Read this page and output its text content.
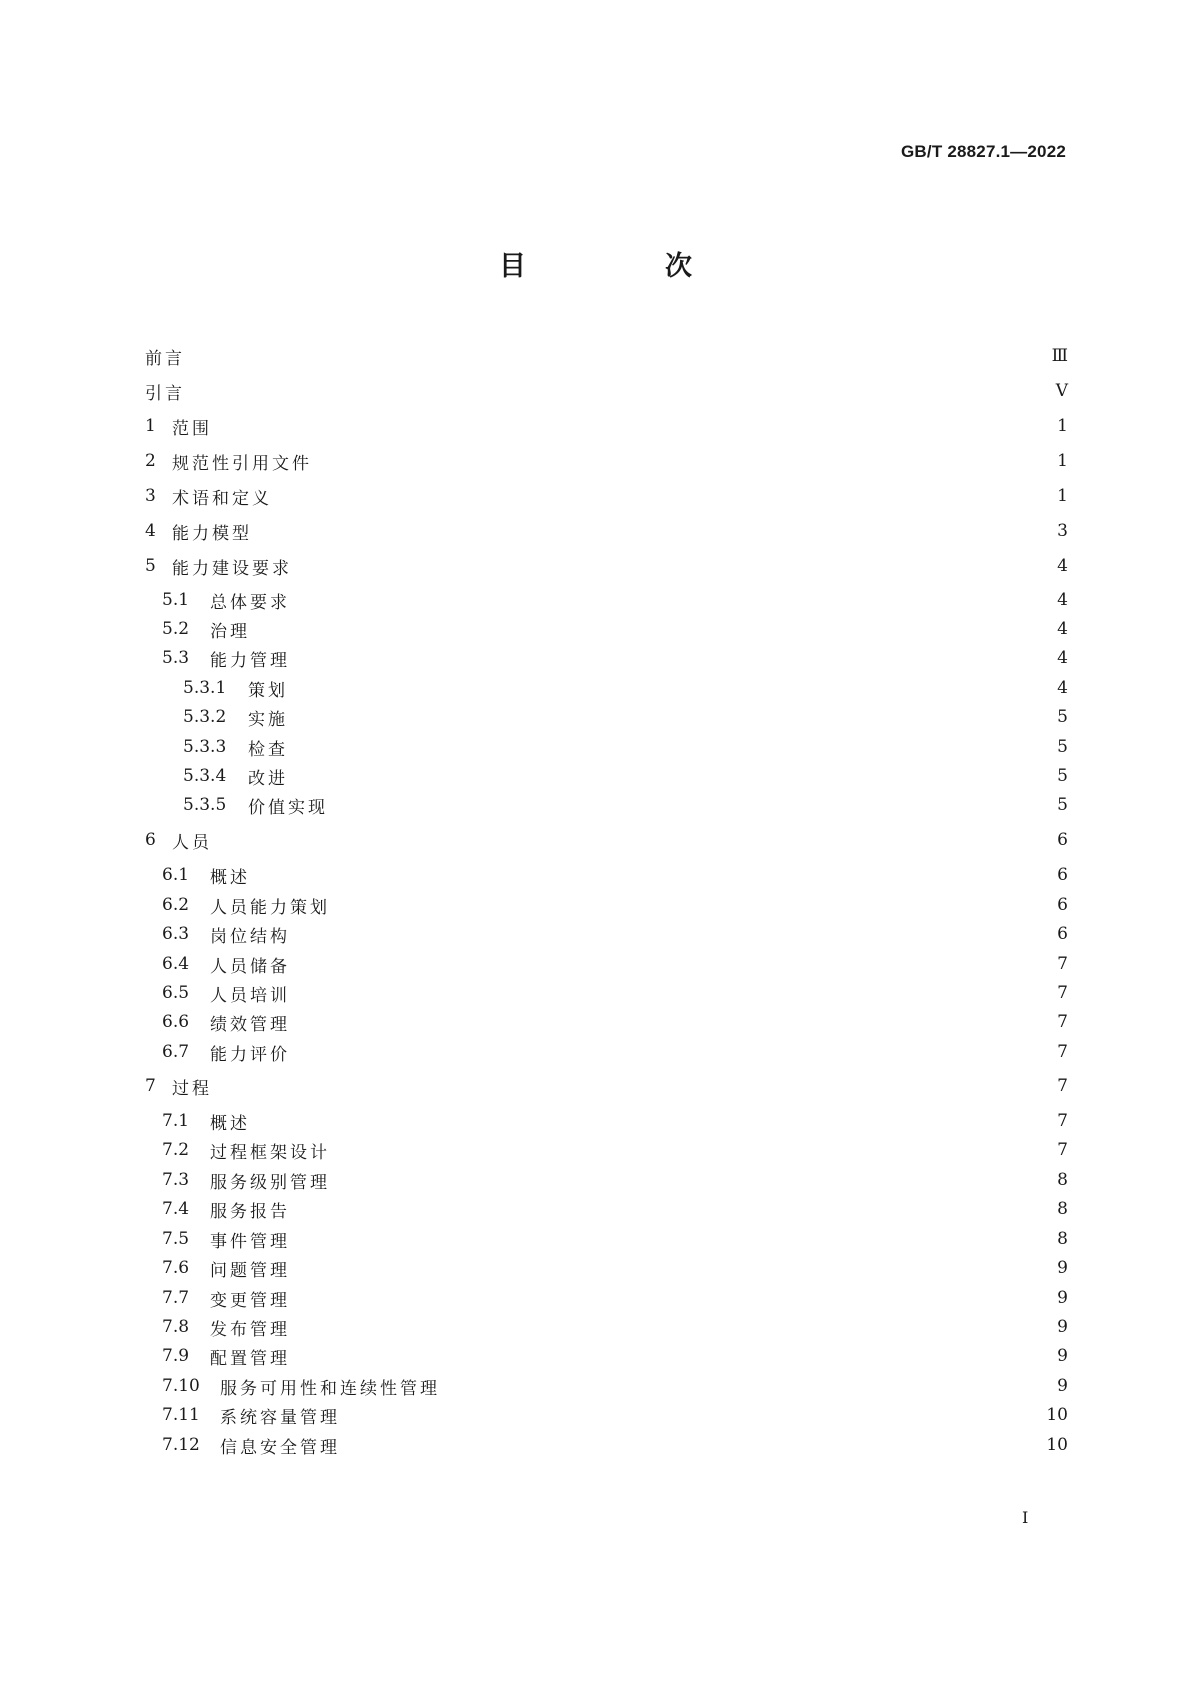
GB/T 28827.1—2022
目　次
前言	Ⅲ
引言	Ⅴ
1 范围	1
2 规范性引用文件	1
3 术语和定义	1
4 能力模型	3
5 能力建设要求	4
5.1	总体要求	4
5.2	治理	4
5.3	能力管理	4
5.3.1	策划	4
5.3.2	实施	5
5.3.3	检查	5
5.3.4	改进	5
5.3.5	价值实现	5
6 人员	6
6.1	概述	6
6.2	人员能力策划	6
6.3	岗位结构	6
6.4	人员储备	7
6.5	人员培训	7
6.6	绩效管理	7
6.7	能力评价	7
7 过程	7
7.1	概述	7
7.2	过程框架设计	7
7.3	服务级别管理	8
7.4	服务报告	8
7.5	事件管理	8
7.6	问题管理	9
7.7	变更管理	9
7.8	发布管理	9
7.9	配置管理	9
7.10	服务可用性和连续性管理	9
7.11	系统容量管理	10
7.12	信息安全管理	10
Ⅰ
